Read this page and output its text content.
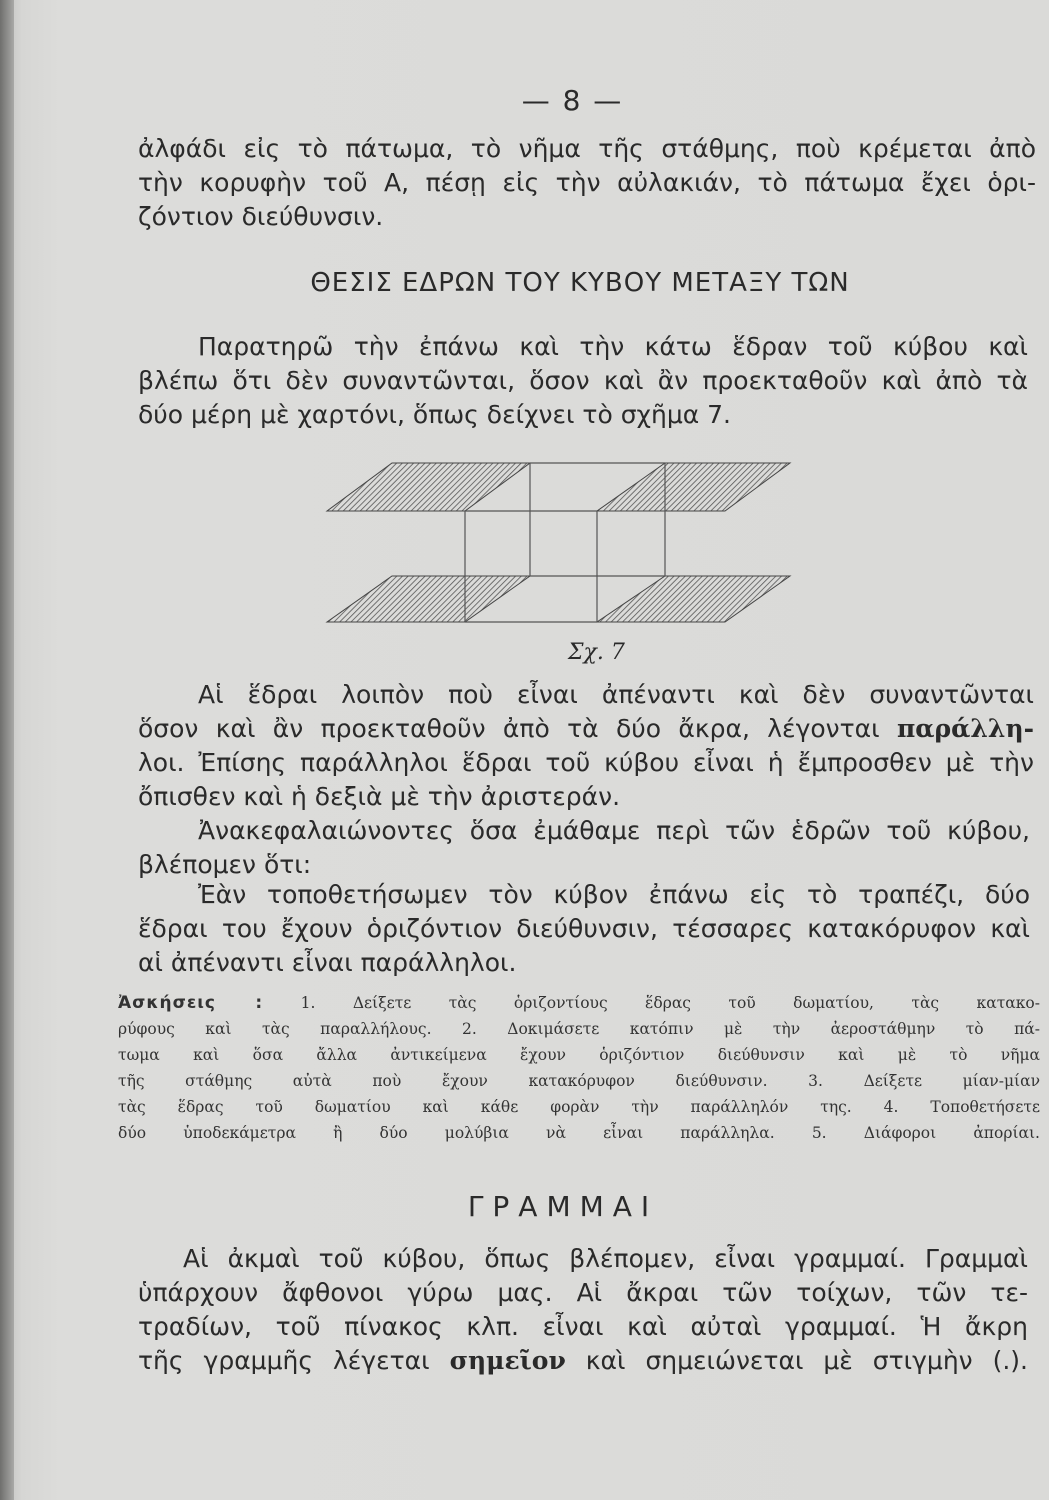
— 8 —
ἀλφάδι εἰς τὸ πάτωμα, τὸ νῆμα τῆς στάθμης, ποὺ κρέμεται ἀπὸ
τὴν κορυφὴν τοῦ Α, πέσῃ εἰς τὴν αὐλακιάν, τὸ πάτωμα ἔχει ὁρι-
ζόντιον διεύθυνσιν.
ΘΕΣΙΣ ΕΔΡΩΝ ΤΟΥ ΚΥΒΟΥ ΜΕΤΑΞΥ ΤΩΝ
Παρατηρῶ τὴν ἐπάνω καὶ τὴν κάτω ἕδραν τοῦ κύβου καὶ
βλέπω ὅτι δὲν συναντῶνται, ὅσον καὶ ἂν προεκταθοῦν καὶ ἀπὸ τὰ
δύο μέρη μὲ χαρτόνι, ὅπως δείχνει τὸ σχῆμα 7.
Σχ. 7
Αἱ ἕδραι λοιπὸν ποὺ εἶναι ἀπέναντι καὶ δὲν συναντῶνται
ὅσον καὶ ἂν προεκταθοῦν ἀπὸ τὰ δύο ἄκρα, λέγονται παράλλη-
λοι. Ἐπίσης παράλληλοι ἕδραι τοῦ κύβου εἶναι ἡ ἔμπροσθεν μὲ τὴν
ὄπισθεν καὶ ἡ δεξιὰ μὲ τὴν ἀριστεράν.
Ἀνακεφαλαιώνοντες ὅσα ἐμάθαμε περὶ τῶν ἑδρῶν τοῦ κύβου,
βλέπομεν ὅτι:
Ἐὰν τοποθετήσωμεν τὸν κύβον ἐπάνω εἰς τὸ τραπέζι, δύο
ἕδραι του ἔχουν ὁριζόντιον διεύθυνσιν, τέσσαρες κατακόρυφον καὶ
αἱ ἀπέναντι εἶναι παράλληλοι.
Ἀσκήσεις : 1. Δείξετε τὰς ὁριζοντίους ἕδρας τοῦ δωματίου, τὰς κατακο-
ρύφους καὶ τὰς παραλλήλους. 2. Δοκιμάσετε κατόπιν μὲ τὴν ἀεροστάθμην τὸ πά-
τωμα καὶ ὅσα ἄλλα ἀντικείμενα ἔχουν ὁριζόντιον διεύθυνσιν καὶ μὲ τὸ νῆμα
τῆς στάθμης αὐτὰ ποὺ ἔχουν κατακόρυφον διεύθυνσιν. 3. Δείξετε μίαν-μίαν
τὰς ἕδρας τοῦ δωματίου καὶ κάθε φορὰν τὴν παράλληλόν της. 4. Τοποθετήσετε
δύο ὑποδεκάμετρα ἢ δύο μολύβια νὰ εἶναι παράλληλα. 5. Διάφοροι ἀπορίαι.
ΓΡΑΜΜΑΙ
Αἱ ἀκμαὶ τοῦ κύβου, ὅπως βλέπομεν, εἶναι γραμμαί. Γραμμαὶ
ὑπάρχουν ἄφθονοι γύρω μας. Αἱ ἄκραι τῶν τοίχων, τῶν τε-
τραδίων, τοῦ πίνακος κλπ. εἶναι καὶ αὐταὶ γραμμαί. Ἡ ἄκρη
τῆς γραμμῆς λέγεται σημεῖον καὶ σημειώνεται μὲ στιγμὴν (.).
